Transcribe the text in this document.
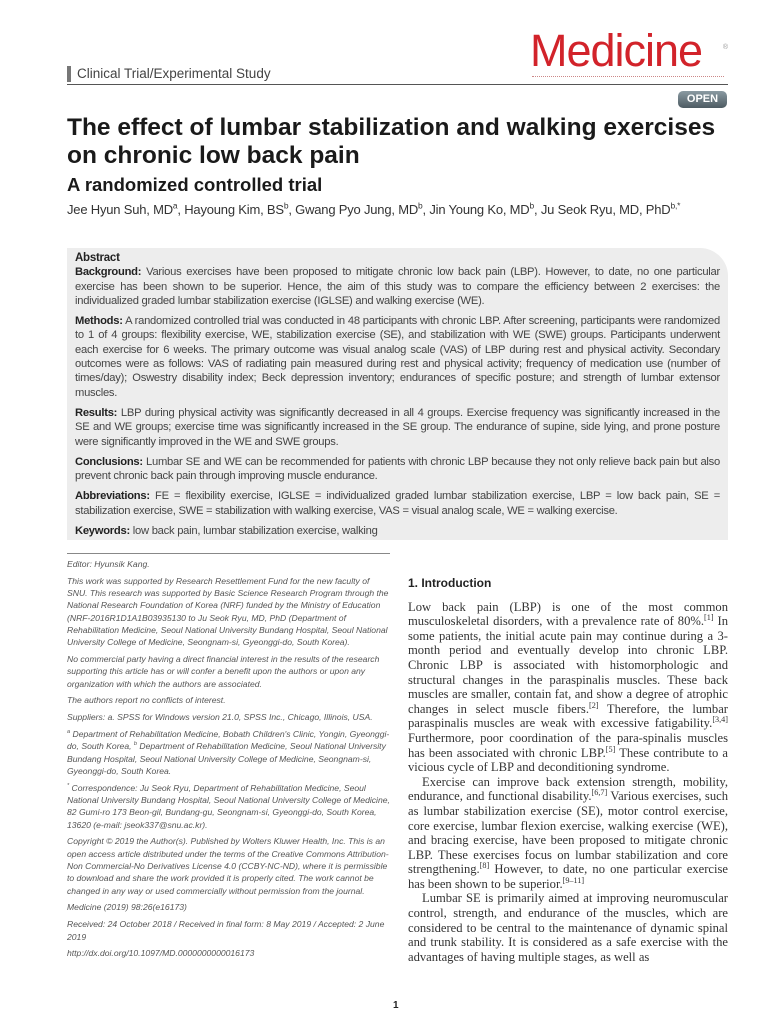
Clinical Trial/Experimental Study	Medicine	®
OPEN
The effect of lumbar stabilization and walking exercises on chronic low back pain
A randomized controlled trial
Jee Hyun Suh, $MD^a$, Hayoung Kim, $BS^b$, Gwang Pyo Jung, $MD^b$, Jin Young Ko, $MD^b$, Ju Seok Ryu, MD, PhD$^{b,*}$
Abstract

Background: Various exercises have been proposed to mitigate chronic low back pain (LBP). However, to date, no one particular exercise has been shown to be superior. Hence, the aim of this study was to compare the efficiency between 2 exercises: the individualized graded lumbar stabilization exercise (IGLSE) and walking exercise (WE).

Methods: A randomized controlled trial was conducted in 48 participants with chronic LBP. After screening, participants were randomized to 1 of 4 groups: flexibility exercise, WE, stabilization exercise (SE), and stabilization with WE (SWE) groups. Participants underwent each exercise for 6 weeks. The primary outcome was visual analog scale (VAS) of LBP during rest and physical activity. Secondary outcomes were as follows: VAS of radiating pain measured during rest and physical activity; frequency of medication use (number of times/day); Oswestry disability index; Beck depression inventory; endurances of specific posture; and strength of lumbar extensor muscles.

Results: LBP during physical activity was significantly decreased in all 4 groups. Exercise frequency was significantly increased in the SE and WE groups; exercise time was significantly increased in the SE group. The endurance of supine, side lying, and prone posture were significantly improved in the WE and SWE groups.

Conclusions: Lumbar SE and WE can be recommended for patients with chronic LBP because they not only relieve back pain but also prevent chronic back pain through improving muscle endurance.

Abbreviations: FE = flexibility exercise, IGLSE = individualized graded lumbar stabilization exercise, LBP = low back pain, SE = stabilization exercise, SWE = stabilization with walking exercise, VAS = visual analog scale, WE = walking exercise.

Keywords: low back pain, lumbar stabilization exercise, walking

Editor: Hyunsik Kang.

This work was supported by Research Resettlement Fund for the new faculty of SNU. This research was supported by Basic Science Research Program through the National Research Foundation of Korea (NRF) funded by the Ministry of Education (NRF-2016R1D1A1B03935130 to Ju Seok Ryu, MD, PhD (Department of Rehabilitation Medicine, Seoul National University Bundang Hospital, Seoul National University College of Medicine, Seongnam-si, Gyeonggi-do, South Korea).

No commercial party having a direct financial interest in the results of the research supporting this article has or will confer a benefit upon the authors or upon any organization with which the authors are associated.

The authors report no conflicts of interest.

Suppliers: a. SPSS for Windows version 21.0, SPSS Inc., Chicago, Illinois, USA.

$^a$ Department of Rehabilitation Medicine, Bobath Children's Clinic, Yongin, Gyeonggi-do, South Korea, $^b$ Department of Rehabilitation Medicine, Seoul National University Bundang Hospital, Seoul National University College of Medicine, Seongnam-si, Gyeonggi-do, South Korea.

* Correspondence: Ju Seok Ryu, Department of Rehabilitation Medicine, Seoul National University Bundang Hospital, Seoul National University College of Medicine, 82 Gumi-ro 173 Beon-gil, Bundang-gu, Seongnam-si, Gyeonggi-do, South Korea, 13620 (e-mail: jseok337@snu.ac.kr).

Copyright © 2019 the Author(s). Published by Wolters Kluwer Health, Inc. This is an open access article distributed under the terms of the Creative Commons Attribution-Non Commercial-No Derivatives License 4.0 (CCBY-NC-ND), where it is permissible to download and share the work provided it is properly cited. The work cannot be changed in any way or used commercially without permission from the journal.

Medicine (2019) 98:26(e16173)

Received: 24 October 2018 / Received in final form: 8 May 2019 / Accepted: 2 June 2019

http://dx.doi.org/10.1097/MD.0000000000016173

1. Introduction

Low back pain (LBP) is one of the most common musculoskeletal disorders, with a prevalence rate of 80%.[1] In some patients, the initial acute pain may continue during a 3-month period and eventually develop into chronic LBP. Chronic LBP is associated with histomorphologic and structural changes in the paraspinalis muscles. These back muscles are smaller, contain fat, and show a degree of atrophic changes in select muscle fibers.[2] Therefore, the lumbar paraspinalis muscles are weak with excessive fatigability.[3,4] Furthermore, poor coordination of the para-spinalis muscles has been associated with chronic LBP.[5] These contribute to a vicious cycle of LBP and deconditioning syndrome.

Exercise can improve back extension strength, mobility, endurance, and functional disability.[6,7] Various exercises, such as lumbar stabilization exercise (SE), motor control exercise, core exercise, lumbar flexion exercise, walking exercise (WE), and bracing exercise, have been proposed to mitigate chronic LBP. These exercises focus on lumbar stabilization and core strengthening.[8] However, to date, no one particular exercise has been shown to be superior.[9–11]

Lumbar SE is primarily aimed at improving neuromuscular control, strength, and endurance of the muscles, which are considered to be central to the maintenance of dynamic spinal and trunk stability. It is considered as a safe exercise with the advantages of having multiple stages, as well as

1
